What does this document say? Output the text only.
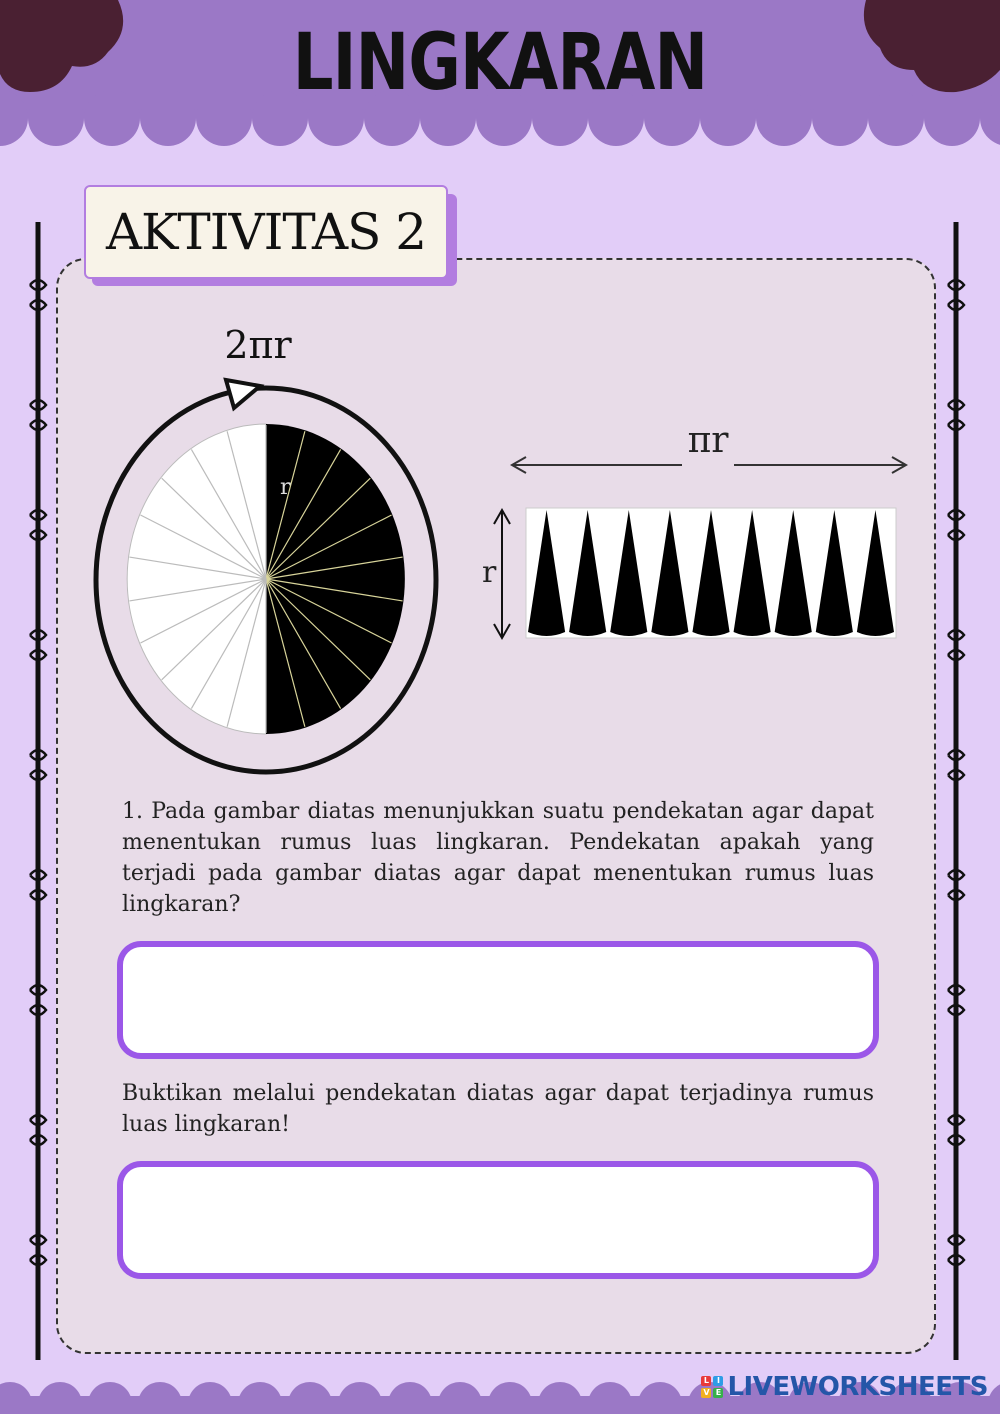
LINGKARAN
AKTIVITAS 2
2πr
r
πr
r
1. Pada gambar diatas menunjukkan suatu pendekatan agar dapat menentukan rumus luas lingkaran. Pendekatan apakah yang terjadi pada gambar diatas agar dapat menentukan rumus luas lingkaran?
Buktikan melalui pendekatan diatas agar dapat terjadinya rumus luas lingkaran!
L I
V E LIVEWORKSHEETS
